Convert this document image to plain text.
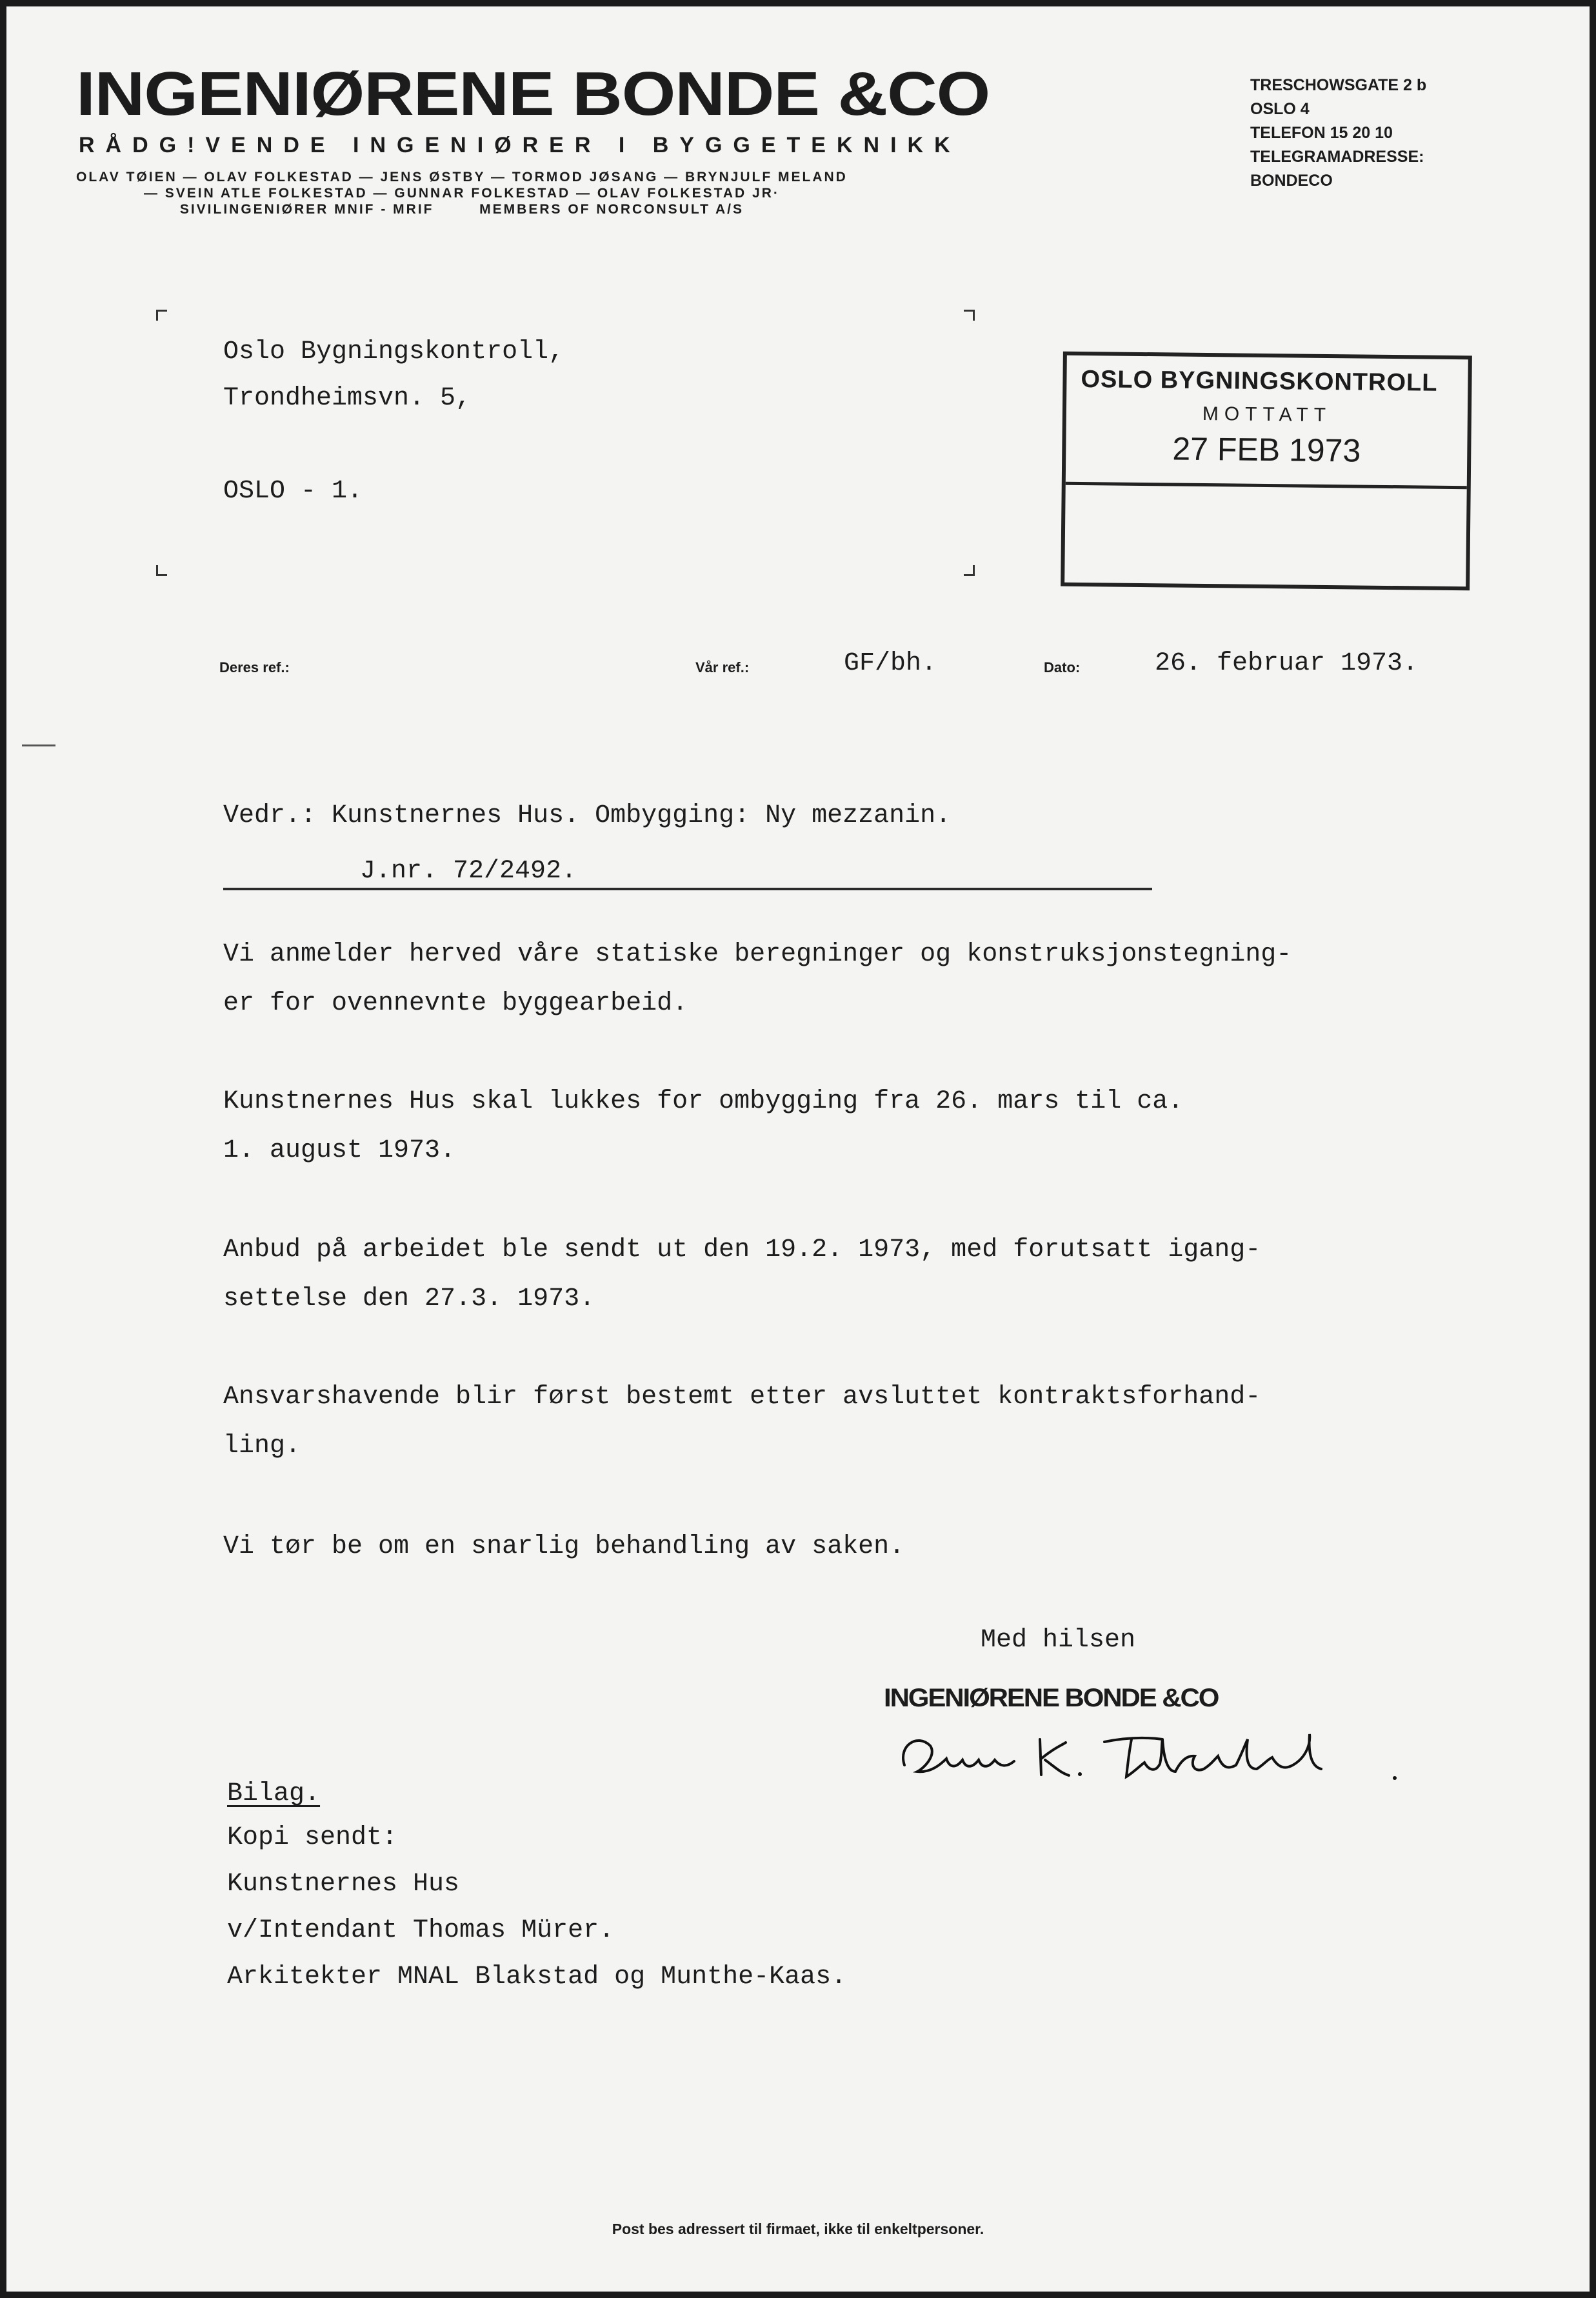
INGENIØRENE BONDE &CO
RÅDG!VENDE INGENIØRER I BYGGETEKNIKK
OLAV TØIEN — OLAV FOLKESTAD — JENS ØSTBY — TORMOD JØSANG — BRYNJULF MELAND
— SVEIN ATLE FOLKESTAD — GUNNAR FOLKESTAD — OLAV FOLKESTAD JR·
SIVILINGENIØRER MNIF - MRIF        MEMBERS OF NORCONSULT A/S
TRESCHOWSGATE 2 b
OSLO 4
TELEFON 15 20 10
TELEGRAMADRESSE:
BONDECO
Oslo Bygningskontroll,
Trondheimsvn. 5,
OSLO - 1.
OSLO BYGNINGSKONTROLL
MOTTATT
27 FEB 1973
Deres ref.:	Vår ref.:	GF/bh.	Dato:	26. februar 1973.
Vedr.: Kunstnernes Hus. Ombygging: Ny mezzanin.
J.nr. 72/2492.
Vi anmelder herved våre statiske beregninger og konstruksjonstegning-
er for ovennevnte byggearbeid.
Kunstnernes Hus skal lukkes for ombygging fra 26. mars til ca.
1. august 1973.
Anbud på arbeidet ble sendt ut den 19.2. 1973, med forutsatt igang-
settelse den 27.3. 1973.
Ansvarshavende blir først bestemt etter avsluttet kontraktsforhand-
ling.
Vi tør be om en snarlig behandling av saken.
Med hilsen
INGENIØRENE BONDE &CO
Bilag.
Kopi sendt:
Kunstnernes Hus
v/Intendant Thomas Mürer.
Arkitekter MNAL Blakstad og Munthe-Kaas.
Post bes adressert til firmaet, ikke til enkeltpersoner.
